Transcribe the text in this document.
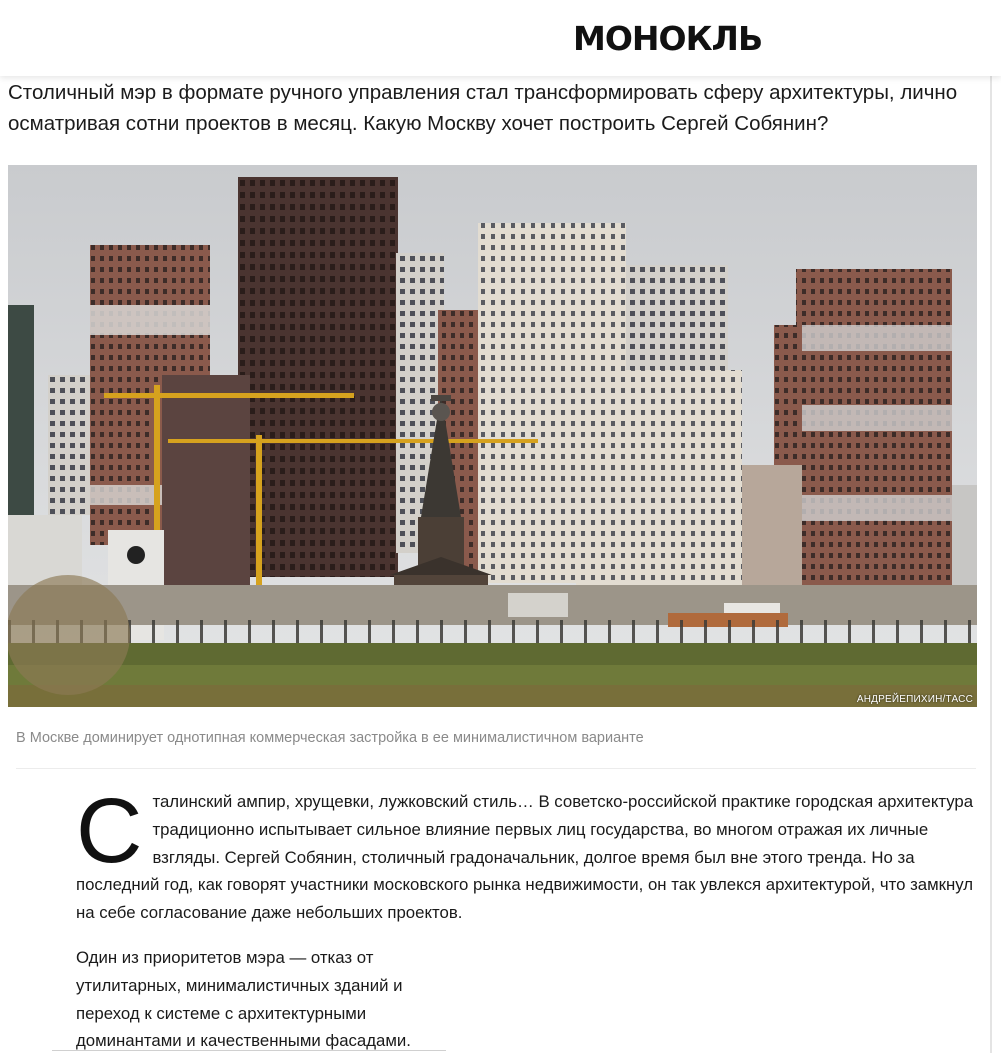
МОНОКЛЬ

Столичный мэр в формате ручного управления стал трансформировать сферу архитектуры, лично осматривая сотни проектов в месяц. Какую Москву хочет построить Сергей Собянин?

АНДРЕЙЕПИХИН/ТАСС

В Москве доминирует однотипная коммерческая застройка в ее минималистичном варианте

С талинский ампир, хрущевки, лужковский стиль… В советско-российской практике городская архитектура традиционно испытывает сильное влияние первых лиц государства, во многом отражая их личные взгляды. Сергей Собянин, столичный градоначальник, долгое время был вне этого тренда. Но за последний год, как говорят участники московского рынка недвижимости, он так увлекся архитектурой, что замкнул на себе согласование даже небольших проектов.

Один из приоритетов мэра — отказ от утилитарных, минималистичных зданий и переход к системе с архитектурными доминантами и качественными фасадами.
